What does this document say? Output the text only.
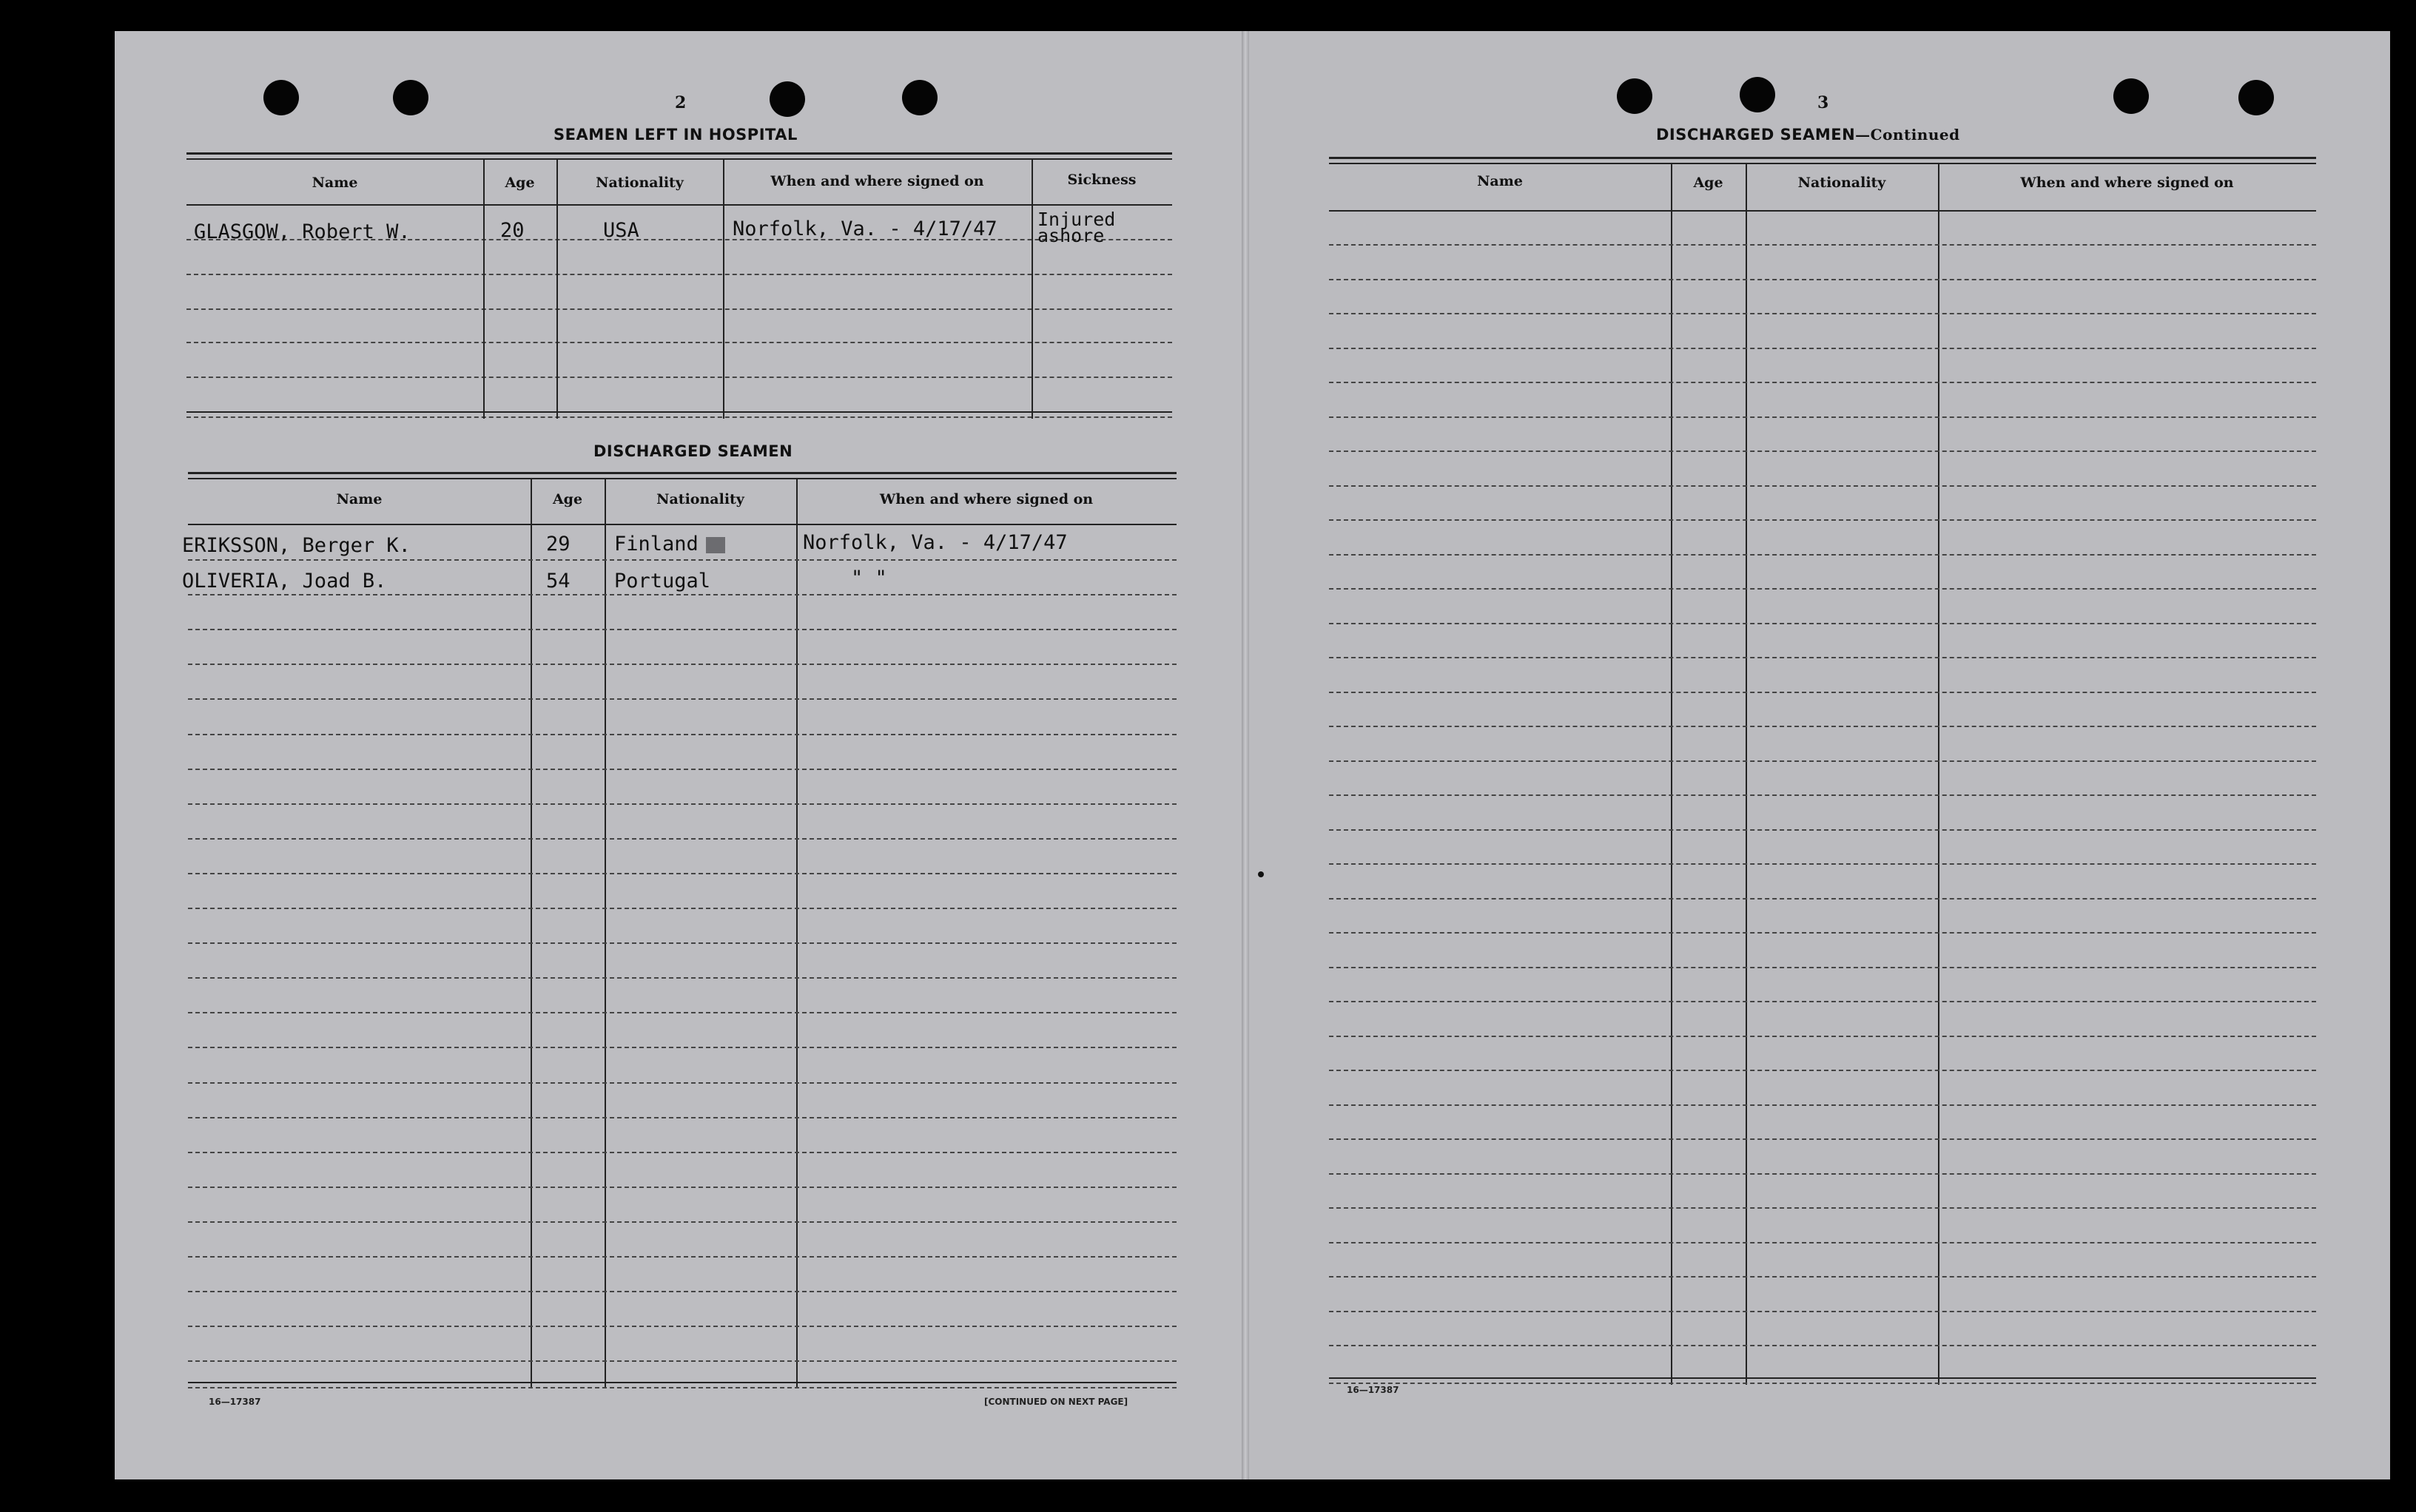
2
SEAMEN LEFT IN HOSPITAL
Name	Age	Nationality	When and where signed on	Sickness
GLASGOW, Robert W.	20	USA	Norfolk, Va. - 4/17/47 Injured ashore
DISCHARGED SEAMEN
Name	Age	Nationality	When and where signed on
ERIKSSON, Berger K.	29 Finland	Norfolk, Va. - 4/17/47
OLIVERIA, Joad B.	54 Portugal	" "
16—17387	[CONTINUED ON NEXT PAGE]
3
DISCHARGED SEAMEN—Continued
Name	Age	Nationality	When and where signed on
16—17387
